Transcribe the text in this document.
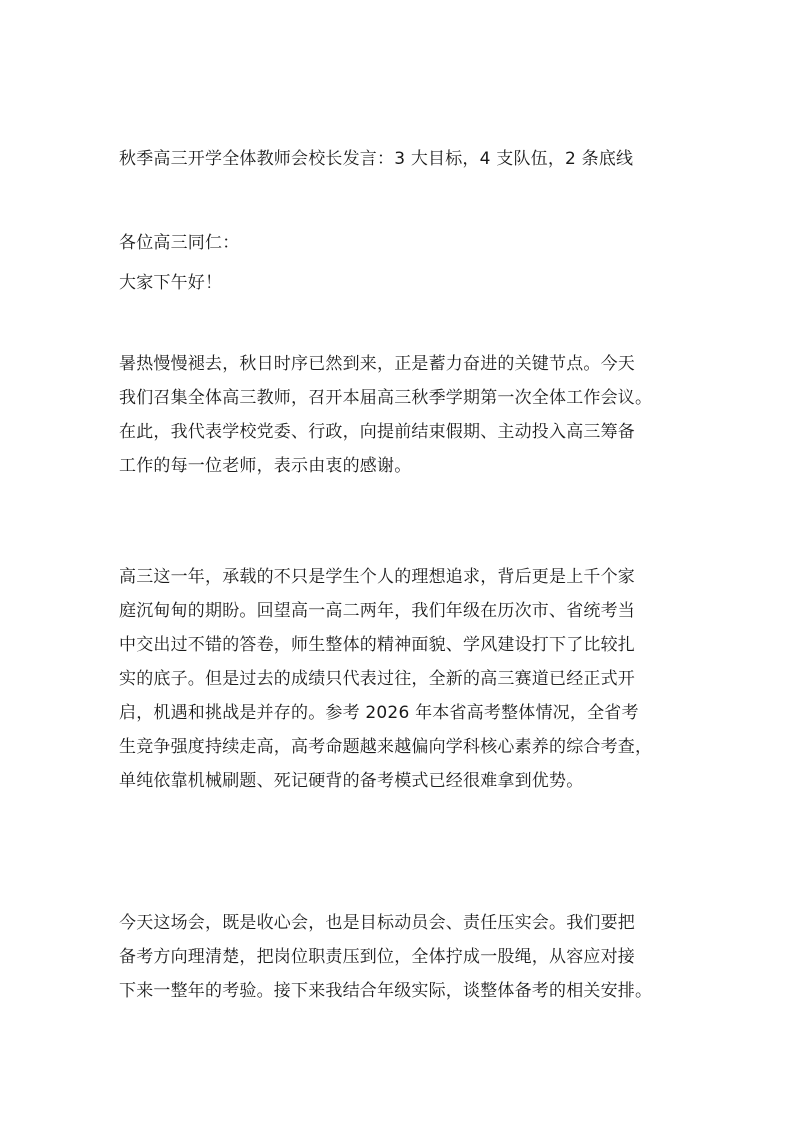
秋季高三开学全体教师会校长发言：3 大目标，4 支队伍，2 条底线
各位高三同仁：
大家下午好！
暑热慢慢褪去，秋日时序已然到来，正是蓄力奋进的关键节点。今天
我们召集全体高三教师，召开本届高三秋季学期第一次全体工作会议。
在此，我代表学校党委、行政，向提前结束假期、主动投入高三筹备
工作的每一位老师，表示由衷的感谢。
高三这一年，承载的不只是学生个人的理想追求，背后更是上千个家
庭沉甸甸的期盼。回望高一高二两年，我们年级在历次市、省统考当
中交出过不错的答卷，师生整体的精神面貌、学风建设打下了比较扎
实的底子。但是过去的成绩只代表过往，全新的高三赛道已经正式开
启，机遇和挑战是并存的。参考 2026 年本省高考整体情况，全省考
生竞争强度持续走高，高考命题越来越偏向学科核心素养的综合考查，
单纯依靠机械刷题、死记硬背的备考模式已经很难拿到优势。
今天这场会，既是收心会，也是目标动员会、责任压实会。我们要把
备考方向理清楚，把岗位职责压到位，全体拧成一股绳，从容应对接
下来一整年的考验。接下来我结合年级实际，谈整体备考的相关安排。
